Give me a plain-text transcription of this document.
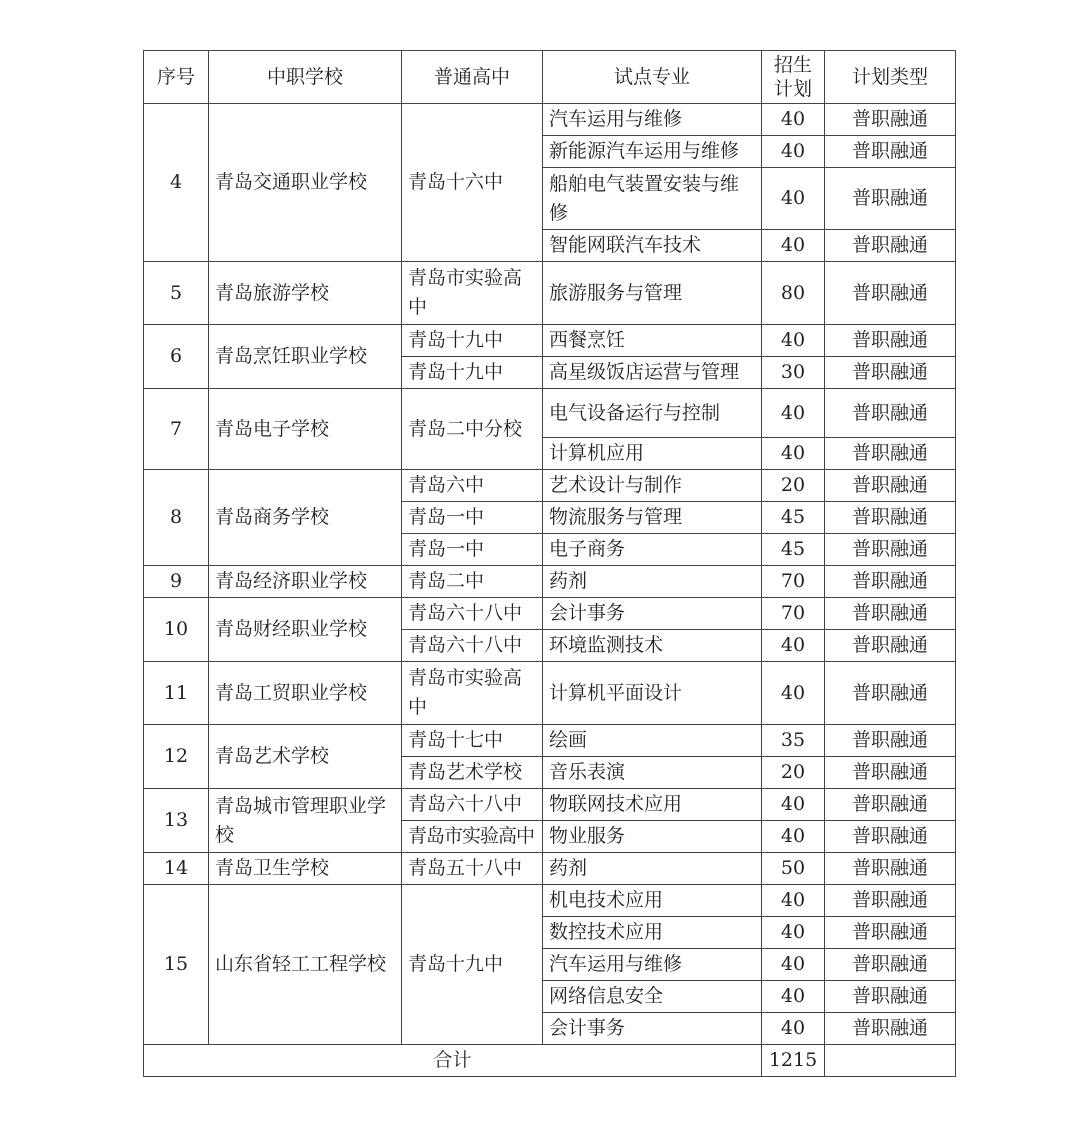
序号	中职学校	普通高中	试点专业	招生计划	计划类型
4	青岛交通职业学校	青岛十六中	汽车运用与维修	40	普职融通
			新能源汽车运用与维修	40	普职融通
			船舶电气装置安装与维修	40	普职融通
			智能网联汽车技术	40	普职融通
5	青岛旅游学校	青岛市实验高中	旅游服务与管理	80	普职融通
6	青岛烹饪职业学校	青岛十九中	西餐烹饪	40	普职融通
		青岛十九中	高星级饭店运营与管理	30	普职融通
7	青岛电子学校	青岛二中分校	电气设备运行与控制	40	普职融通
			计算机应用	40	普职融通
8	青岛商务学校	青岛六中	艺术设计与制作	20	普职融通
		青岛一中	物流服务与管理	45	普职融通
		青岛一中	电子商务	45	普职融通
9	青岛经济职业学校	青岛二中	药剂	70	普职融通
10	青岛财经职业学校	青岛六十八中	会计事务	70	普职融通
		青岛六十八中	环境监测技术	40	普职融通
11	青岛工贸职业学校	青岛市实验高中	计算机平面设计	40	普职融通
12	青岛艺术学校	青岛十七中	绘画	35	普职融通
		青岛艺术学校	音乐表演	20	普职融通
13	青岛城市管理职业学校	青岛六十八中	物联网技术应用	40	普职融通
		青岛市实验高中	物业服务	40	普职融通
14	青岛卫生学校	青岛五十八中	药剂	50	普职融通
15	山东省轻工工程学校	青岛十九中	机电技术应用	40	普职融通
			数控技术应用	40	普职融通
			汽车运用与维修	40	普职融通
			网络信息安全	40	普职融通
			会计事务	40	普职融通
合计				1215	
